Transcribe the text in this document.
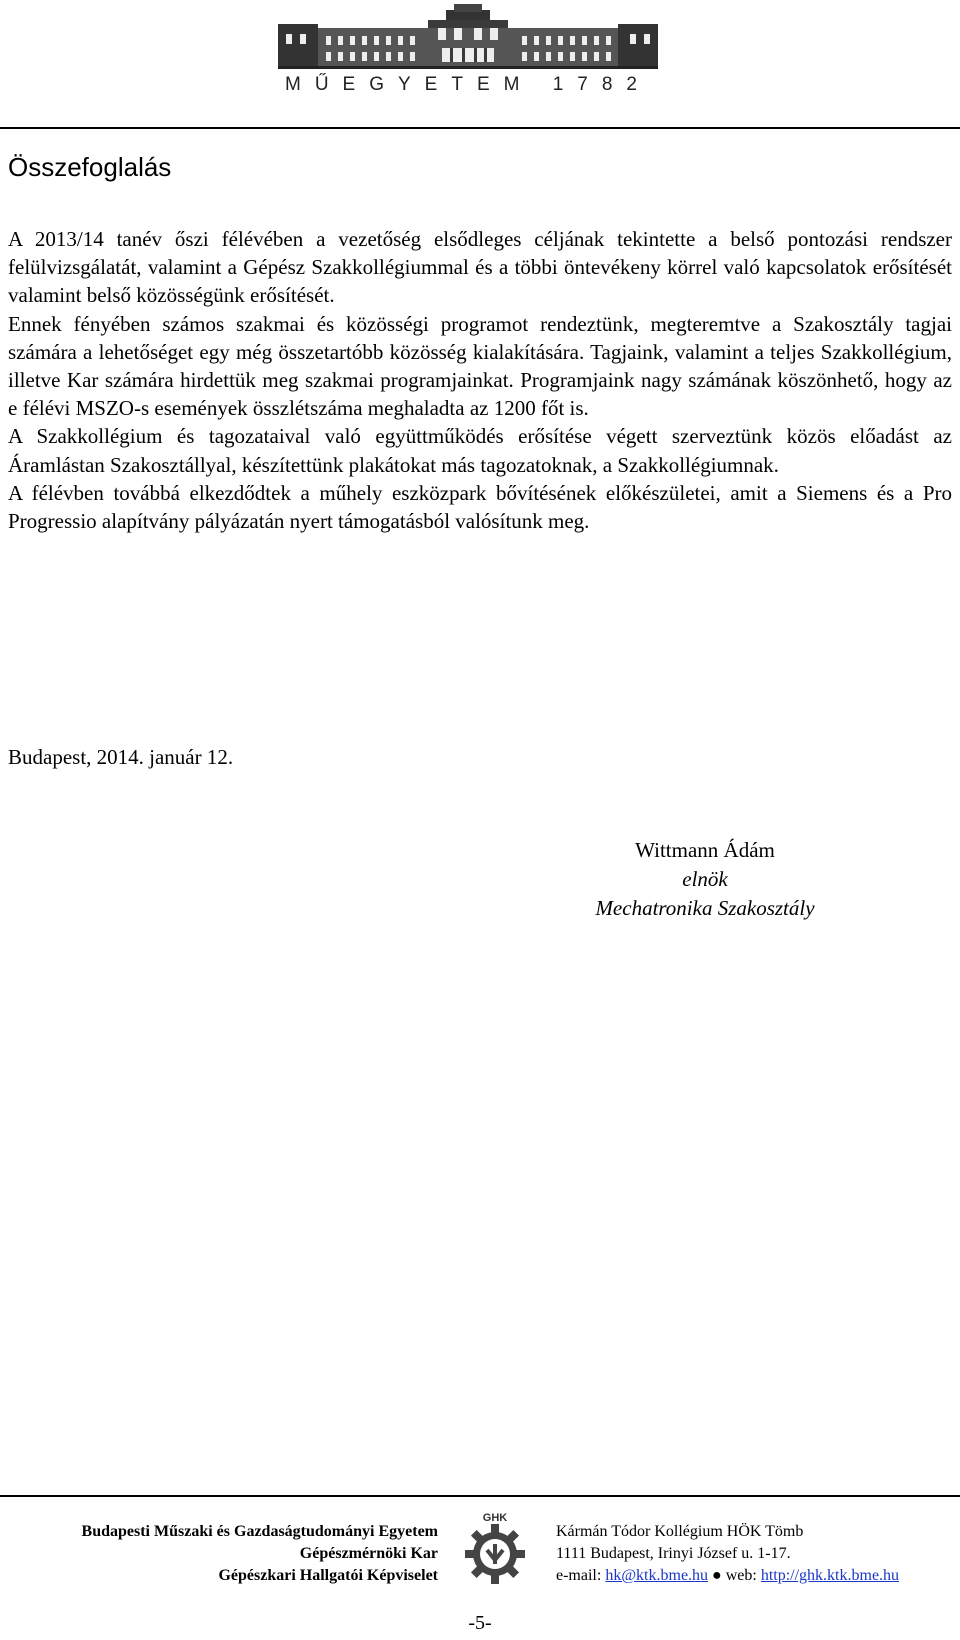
MŰEGYETEM 1782
Összefoglalás

A 2013/14 tanév őszi félévében a vezetőség elsődleges céljának tekintette a belső pontozási rendszer felülvizsgálatát, valamint a Gépész Szakkollégiummal és a többi öntevékeny körrel való kapcsolatok erősítését valamint belső közösségünk erősítését.

Ennek fényében számos szakmai és közösségi programot rendeztünk, megteremtve a Szakosztály tagjai számára a lehetőséget egy még összetartóbb közösség kialakítására. Tagjaink, valamint a teljes Szakkollégium, illetve Kar számára hirdettük meg szakmai programjainkat. Programjaink nagy számának köszönhető, hogy az e félévi MSZO-s események összlétszáma meghaladta az 1200 főt is.

A Szakkollégium és tagozataival való együttműködés erősítése végett szerveztünk közös előadást az Áramlástan Szakosztállyal, készítettünk plakátokat más tagozatoknak, a Szakkollégiumnak.

A félévben továbbá elkezdődtek a műhely eszközpark bővítésének előkészületei, amit a Siemens és a Pro Progressio alapítvány pályázatán nyert támogatásból valósítunk meg.

Budapest, 2014. január 12.
Wittmann Ádám
elnök
Mechatronika Szakosztály
Budapesti Műszaki és Gazdaságtudományi Egyetem
Gépészmérnöki Kar
Gépészkari Hallgatói Képviselet
GHK
Kármán Tódor Kollégium HÖK Tömb
1111 Budapest, Irinyi József u. 1-17.
e-mail: hk@ktk.bme.hu ● web: http://ghk.ktk.bme.hu
-5-
